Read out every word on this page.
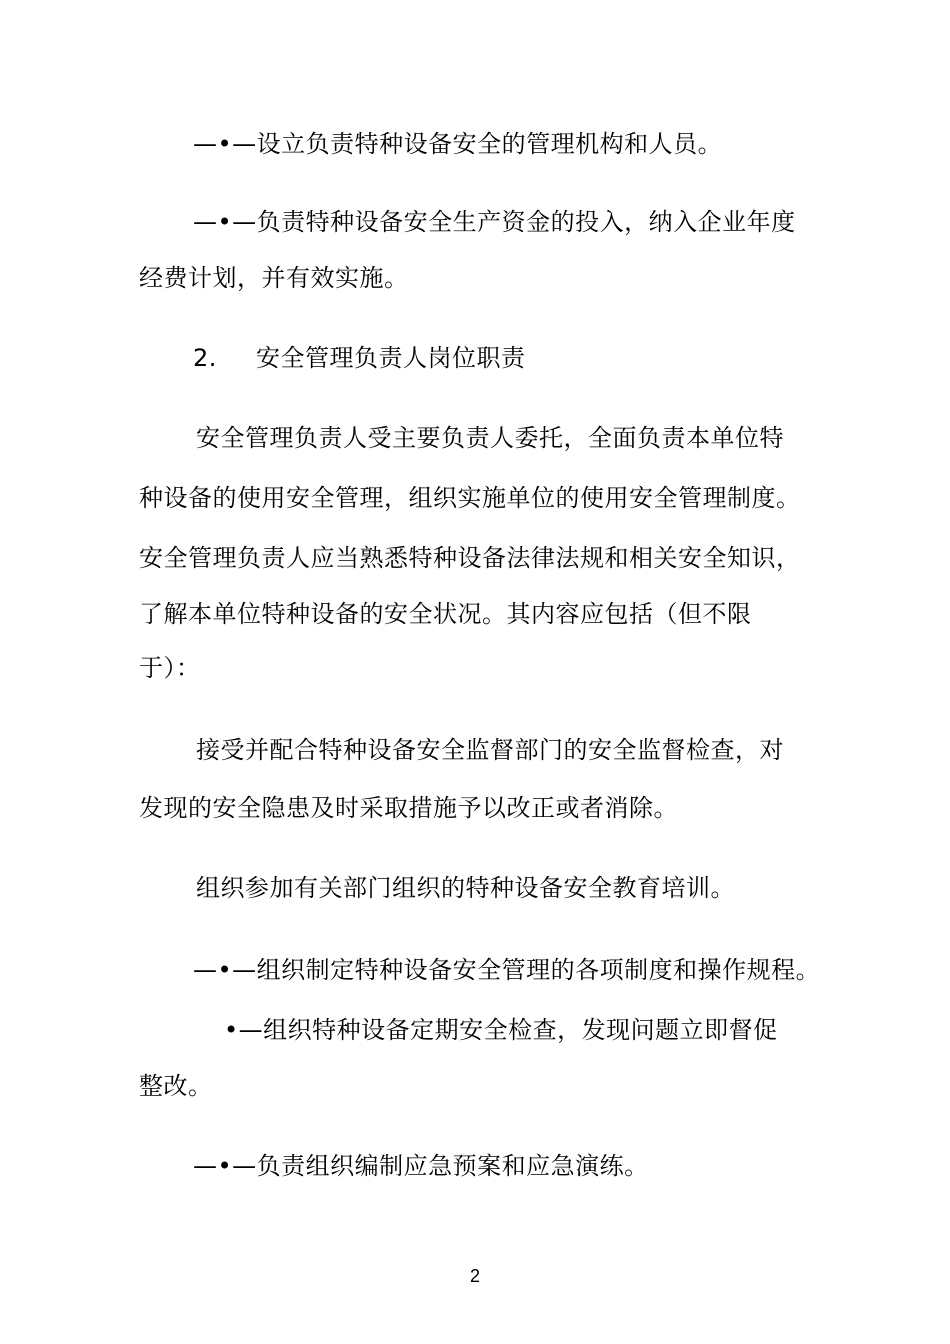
—•—设立负责特种设备安全的管理机构和人员。
—•—负责特种设备安全生产资金的投入，纳入企业年度
经费计划，并有效实施。
2. 安全管理负责人岗位职责
安全管理负责人受主要负责人委托，全面负责本单位特
种设备的使用安全管理，组织实施单位的使用安全管理制度。
安全管理负责人应当熟悉特种设备法律法规和相关安全知识，
了解本单位特种设备的安全状况。其内容应包括（但不限
于）：
接受并配合特种设备安全监督部门的安全监督检查，对
发现的安全隐患及时采取措施予以改正或者消除。
组织参加有关部门组织的特种设备安全教育培训。
—•—组织制定特种设备安全管理的各项制度和操作规程。
•—组织特种设备定期安全检查，发现问题立即督促
整改。
—•—负责组织编制应急预案和应急演练。
2
